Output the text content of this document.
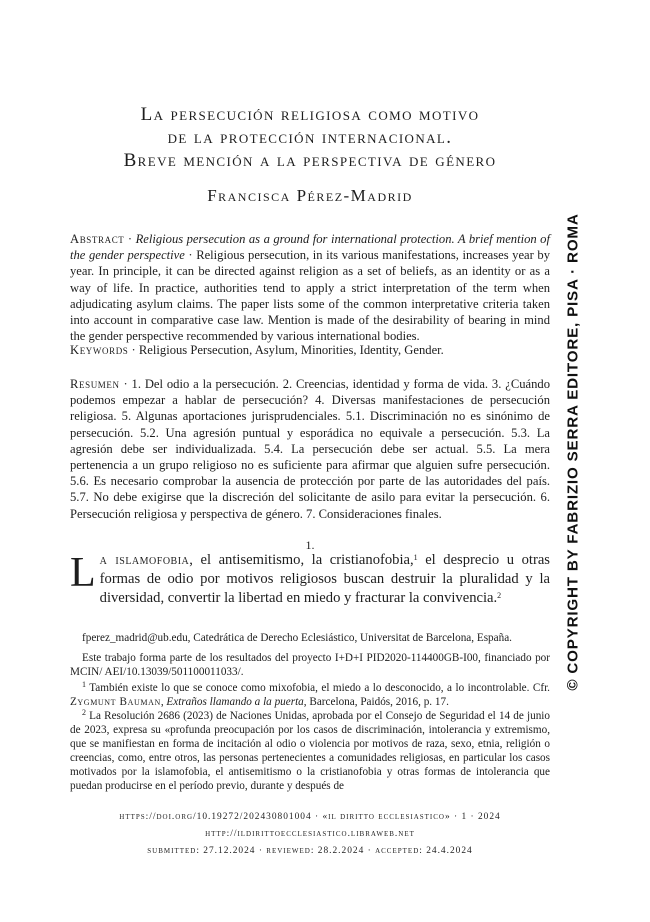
La persecución religiosa como motivo
de la protección internacional.
Breve mención a la perspectiva de género
Francisca Pérez-Madrid
Abstract · Religious persecution as a ground for international protection. A brief mention of the gender perspective · Religious persecution, in its various manifestations, increases year by year. In principle, it can be directed against religion as a set of beliefs, as an identity or as a way of life. In practice, authorities tend to apply a strict interpretation of the term when adjudicating asylum claims. The paper lists some of the common interpretative criteria taken into account in comparative case law. Mention is made of the desirability of bearing in mind the gender perspective recommended by various international bodies.
Keywords · Religious Persecution, Asylum, Minorities, Identity, Gender.
Resumen · 1. Del odio a la persecución. 2. Creencias, identidad y forma de vida. 3. ¿Cuándo podemos empezar a hablar de persecución? 4. Diversas manifestaciones de persecución religiosa. 5. Algunas aportaciones jurisprudenciales. 5.1. Discriminación no es sinónimo de persecución. 5.2. Una agresión puntual y esporádica no equivale a persecución. 5.3. La agresión debe ser individualizada. 5.4. La persecución debe ser actual. 5.5. La mera pertenencia a un grupo religioso no es suficiente para afirmar que alguien sufre persecución. 5.6. Es necesario comprobar la ausencia de protección por parte de las autoridades del país. 5.7. No debe exigirse que la discreción del solicitante de asilo para evitar la persecución. 6. Persecución religiosa y perspectiva de género. 7. Consideraciones finales.
1.
La islamofobia, el antisemitismo, la cristianofobia,$^1$ el desprecio u otras formas de odio por motivos religiosos buscan destruir la pluralidad y la diversidad, convertir la libertad en miedo y fracturar la convivencia.$^2$
fperez_madrid@ub.edu, Catedrática de Derecho Eclesiástico, Universitat de Barcelona, España.
Este trabajo forma parte de los resultados del proyecto I+D+I PID2020-114400GB-I00, financiado por MCIN/ AEI/10.13039/501100011033/.
$^1$ También existe lo que se conoce como mixofobia, el miedo a lo desconocido, a lo incontrolable. Cfr. Zygmunt Bauman, Extraños llamando a la puerta, Barcelona, Paidós, 2016, p. 17.
$^2$ La Resolución 2686 (2023) de Naciones Unidas, aprobada por el Consejo de Seguridad el 14 de junio de 2023, expresa su «profunda preocupación por los casos de discriminación, intolerancia y extremismo, que se manifiestan en forma de incitación al odio o violencia por motivos de raza, sexo, etnia, religión o creencias, como, entre otros, las personas pertenecientes a comunidades religiosas, en particular los casos motivados por la islamofobia, el antisemitismo o la cristianofobia y otras formas de intolerancia que puedan producirse en el período previo, durante y después de
https://doi.org/10.19272/202430801004 · «il diritto ecclesiastico» · 1 · 2024
http://ildirittoecclesiastico.libraweb.net
submitted: 27.12.2024 · reviewed: 28.2.2024 · accepted: 24.4.2024
© COPYRIGHT BY FABRIZIO SERRA EDITORE, PISA · ROMA
